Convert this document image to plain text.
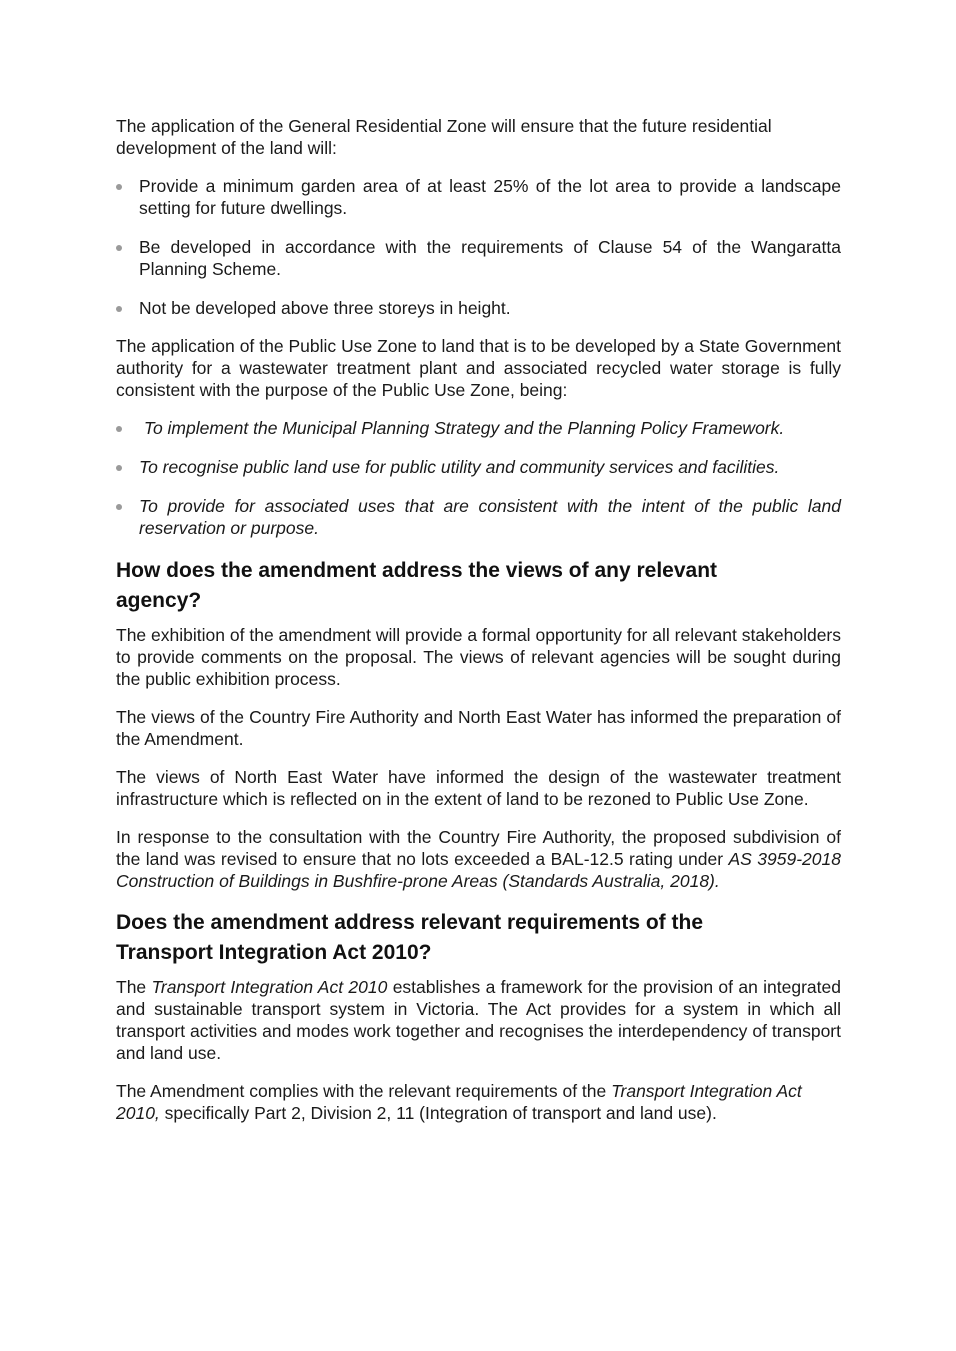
The application of the General Residential Zone will ensure that the future residential development of the land will:

Provide a minimum garden area of at least 25% of the lot area to provide a landscape setting for future dwellings.
Be developed in accordance with the requirements of Clause 54 of the Wangaratta Planning Scheme.
Not be developed above three storeys in height.

The application of the Public Use Zone to land that is to be developed by a State Government authority for a wastewater treatment plant and associated recycled water storage is fully consistent with the purpose of the Public Use Zone, being:

To implement the Municipal Planning Strategy and the Planning Policy Framework.
To recognise public land use for public utility and community services and facilities.
To provide for associated uses that are consistent with the intent of the public land reservation or purpose.
How does the amendment address the views of any relevant
agency?

The exhibition of the amendment will provide a formal opportunity for all relevant stakeholders to provide comments on the proposal. The views of relevant agencies will be sought during the public exhibition process.

The views of the Country Fire Authority and North East Water has informed the preparation of the Amendment.

The views of North East Water have informed the design of the wastewater treatment infrastructure which is reflected on in the extent of land to be rezoned to Public Use Zone.

In response to the consultation with the Country Fire Authority, the proposed subdivision of the land was revised to ensure that no lots exceeded a BAL-12.5 rating under AS 3959-2018 Construction of Buildings in Bushfire-prone Areas (Standards Australia, 2018).

Does the amendment address relevant requirements of the
Transport Integration Act 2010?

The Transport Integration Act 2010 establishes a framework for the provision of an integrated and sustainable transport system in Victoria. The Act provides for a system in which all transport activities and modes work together and recognises the interdependency of transport and land use.

The Amendment complies with the relevant requirements of the Transport Integration Act 2010, specifically Part 2, Division 2, 11 (Integration of transport and land use).
